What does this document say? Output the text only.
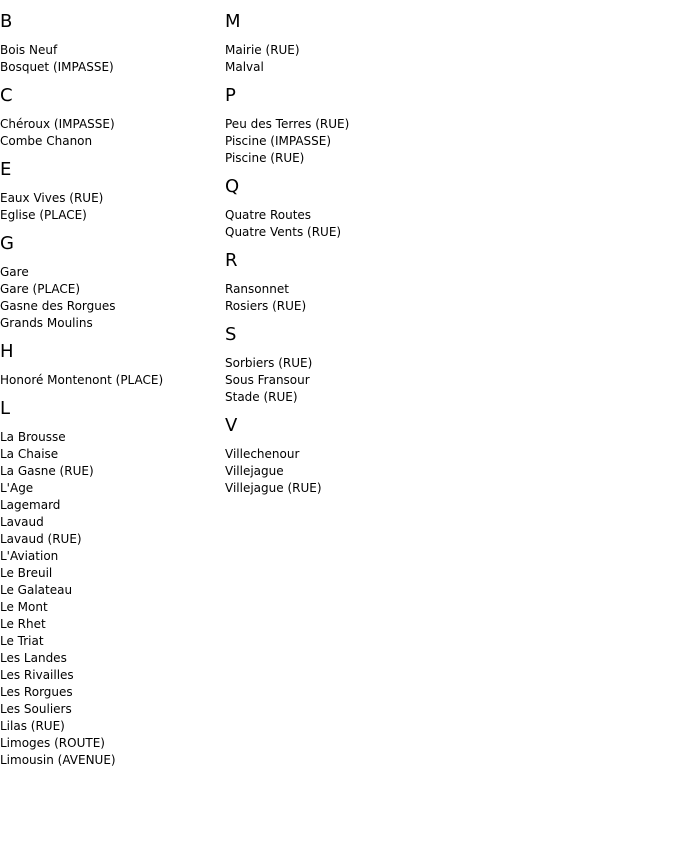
B
Bois Neuf
Bosquet (IMPASSE)
C
Chéroux (IMPASSE)
Combe Chanon
E
Eaux Vives (RUE)
Eglise (PLACE)
G
Gare
Gare (PLACE)
Gasne des Rorgues
Grands Moulins
H
Honoré Montenont (PLACE)
L
La Brousse
La Chaise
La Gasne (RUE)
L'Age
Lagemard
Lavaud
Lavaud (RUE)
L'Aviation
Le Breuil
Le Galateau
Le Mont
Le Rhet
Le Triat
Les Landes
Les Rivailles
Les Rorgues
Les Souliers
Lilas (RUE)
Limoges (ROUTE)
Limousin (AVENUE)
M
Mairie (RUE)
Malval
P
Peu des Terres (RUE)
Piscine (IMPASSE)
Piscine (RUE)
Q
Quatre Routes
Quatre Vents (RUE)
R
Ransonnet
Rosiers (RUE)
S
Sorbiers (RUE)
Sous Fransour
Stade (RUE)
V
Villechenour
Villejague
Villejague (RUE)
